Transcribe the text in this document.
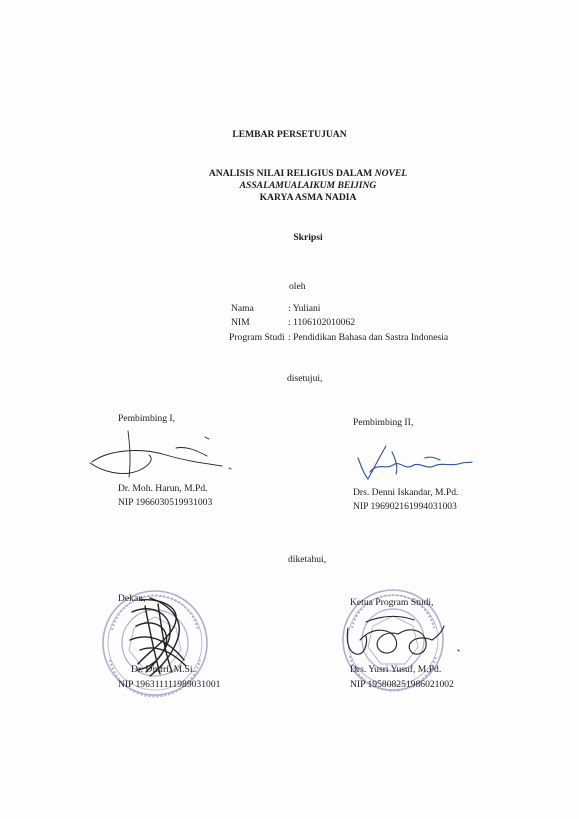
LEMBAR PERSETUJUAN
ANALISIS NILAI RELIGIUS DALAM NOVEL
ASSALAMUALAIKUM BEIJING
KARYA ASMA NADIA
Skripsi
oleh
Nama	: Yuliani
NIM	: 1106102010062
Program Studi : Pendidikan Bahasa dan Sastra Indonesia
disetujui,
Pembimbing I,
Dr. Moh. Harun, M.Pd.
NIP 1966030519931003
Pembimbing II,
Drs. Denni Iskandar, M.Pd.
NIP 196902161994031003
diketahui,
Dekan,
Dr. Djufri, M.Si.
NIP 196311111989031001
Ketua Program Studi,
Drs. Yusri Yusuf, M.Pd.
NIP 195808251986021002
